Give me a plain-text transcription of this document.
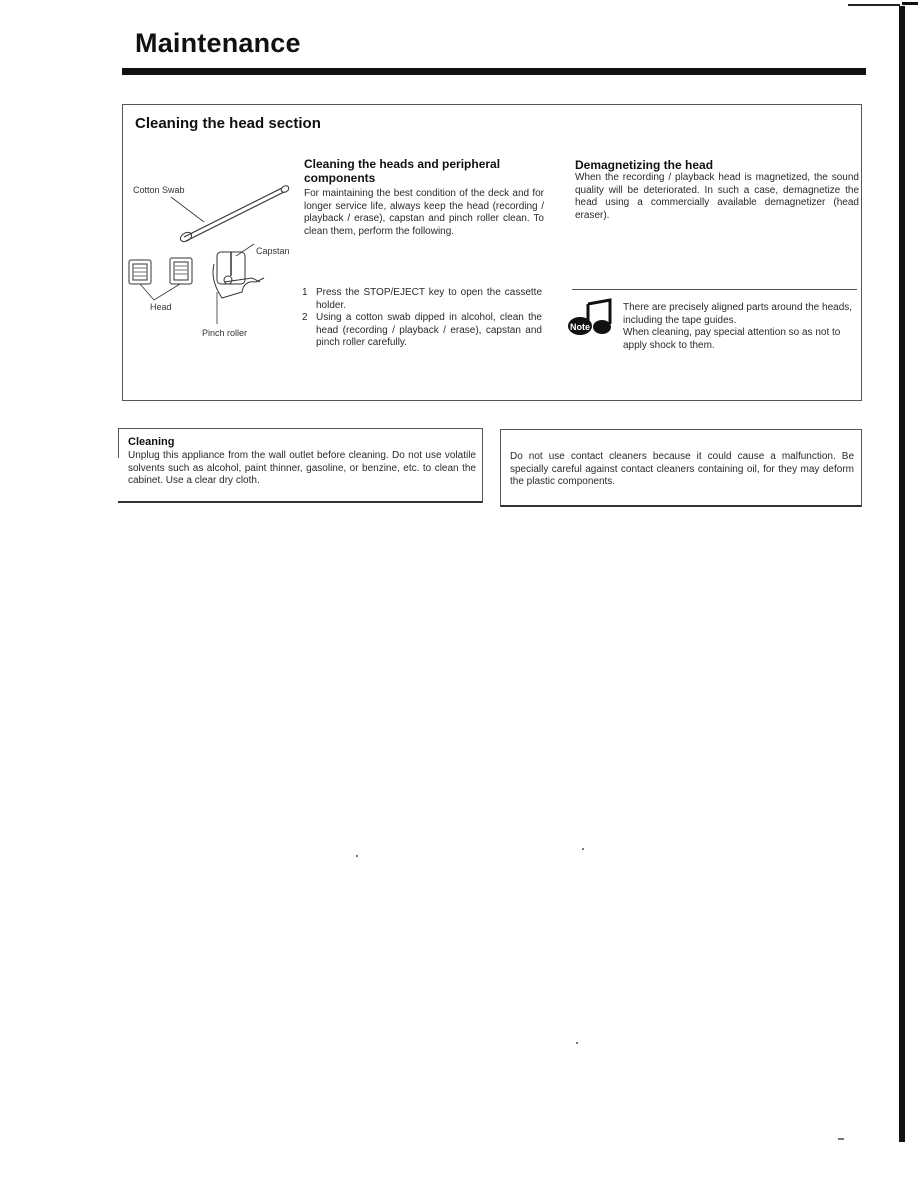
Maintenance
Cleaning the head section
Cotton Swab
Capstan
Head
Pinch roller
Cleaning the heads and peripheral components

For maintaining the best condition of the deck and for longer service life, always keep the head (recording / playback / erase), capstan and pinch roller clean. To clean them, perform the following.

1 Press the STOP/EJECT key to open the cassette holder.
2 Using a cotton swab dipped in alcohol, clean the head (recording / playback / erase), capstan and pinch roller carefully.
Demagnetizing the head

When the recording / playback head is magnetized, the sound quality will be deteriorated. In such a case, demagnetize the head using a commercially available demagnetizer (head eraser).

Note
There are precisely aligned parts around the heads, including the tape guides.
When cleaning, pay special attention so as not to apply shock to them.
Cleaning

Unplug this appliance from the wall outlet before cleaning. Do not use volatile solvents such as alcohol, paint thinner, gasoline, or benzine, etc. to clean the cabinet. Use a clear dry cloth.

Do not use contact cleaners because it could cause a malfunction. Be specially careful against contact cleaners containing oil, for they may deform the plastic components.
